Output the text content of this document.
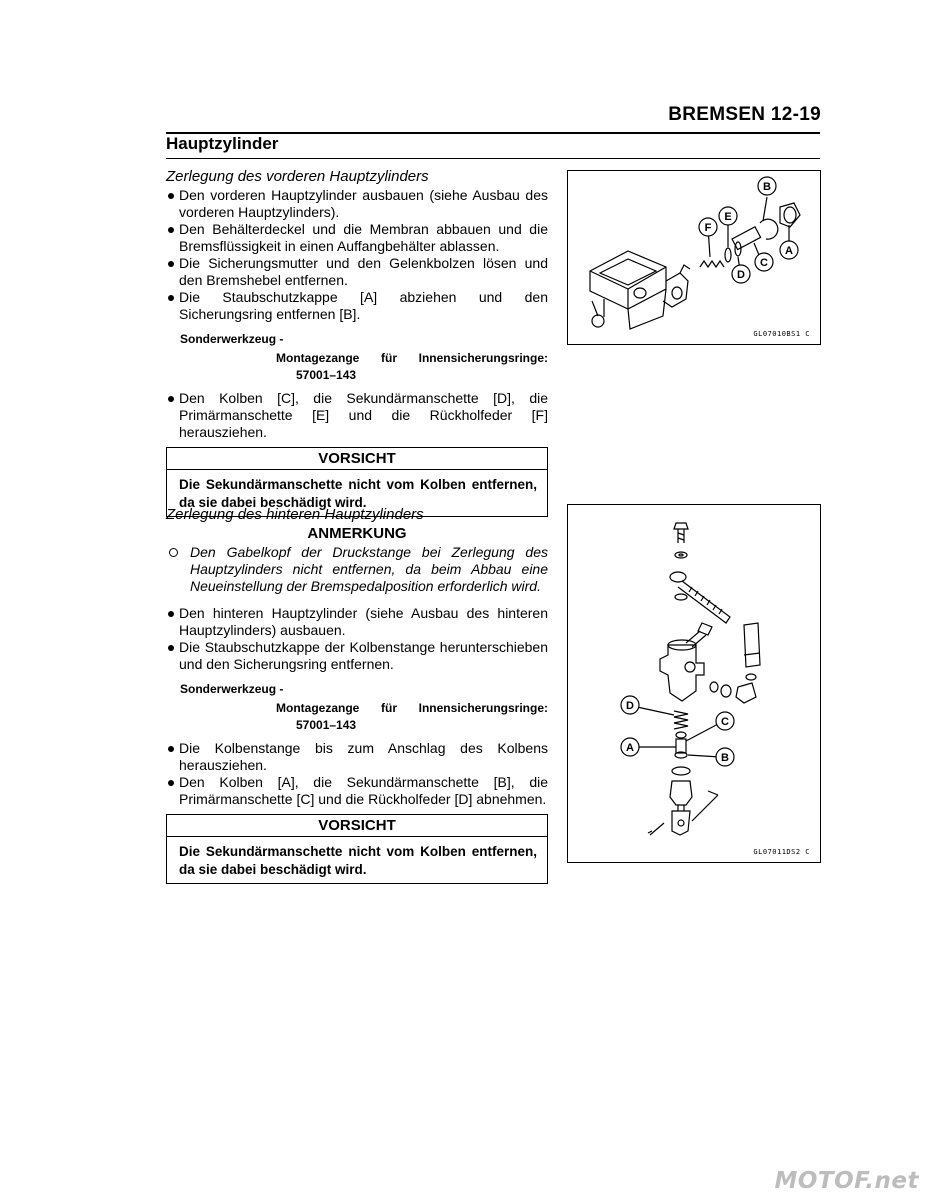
BREMSEN 12-19
Hauptzylinder
Zerlegung des vorderen Hauptzylinders

Den vorderen Hauptzylinder ausbauen (siehe Ausbau des vorderen Hauptzylinders).

Den Behälterdeckel und die Membran abbauen und die Bremsflüssigkeit in einen Auffangbehälter ablassen.

Die Sicherungsmutter und den Gelenkbolzen lösen und den Bremshebel entfernen.

Die Staubschutzkappe [A] abziehen und den Sicherungsring entfernen [B].

Sonderwerkzeug -
Montagezange für Innensicherungsringe:
57001–143

Den Kolben [C], die Sekundärmanschette [D], die Primärmanschette [E] und die Rückholfeder [F] herausziehen.

VORSICHT
Die Sekundärmanschette nicht vom Kolben entfernen, da sie dabei beschädigt wird.
Zerlegung des hinteren Hauptzylinders
ANMERKUNG

Den Gabelkopf der Druckstange bei Zerlegung des Hauptzylinders nicht entfernen, da beim Abbau eine Neueinstellung der Bremspedalposition erforderlich wird.

Den hinteren Hauptzylinder (siehe Ausbau des hinteren Hauptzylinders) ausbauen.

Die Staubschutzkappe der Kolbenstange herunterschieben und den Sicherungsring entfernen.

Sonderwerkzeug -
Montagezange für Innensicherungsringe:
57001–143

Die Kolbenstange bis zum Anschlag des Kolbens herausziehen.

Den Kolben [A], die Sekundärmanschette [B], die Primärmanschette [C] und die Rückholfeder [D] abnehmen.

VORSICHT
Die Sekundärmanschette nicht vom Kolben entfernen, da sie dabei beschädigt wird.
B
E
F
C
D
A
GL07010BS1 C
D
C
A
B
GL07011DS2 C
MOTOF.net
